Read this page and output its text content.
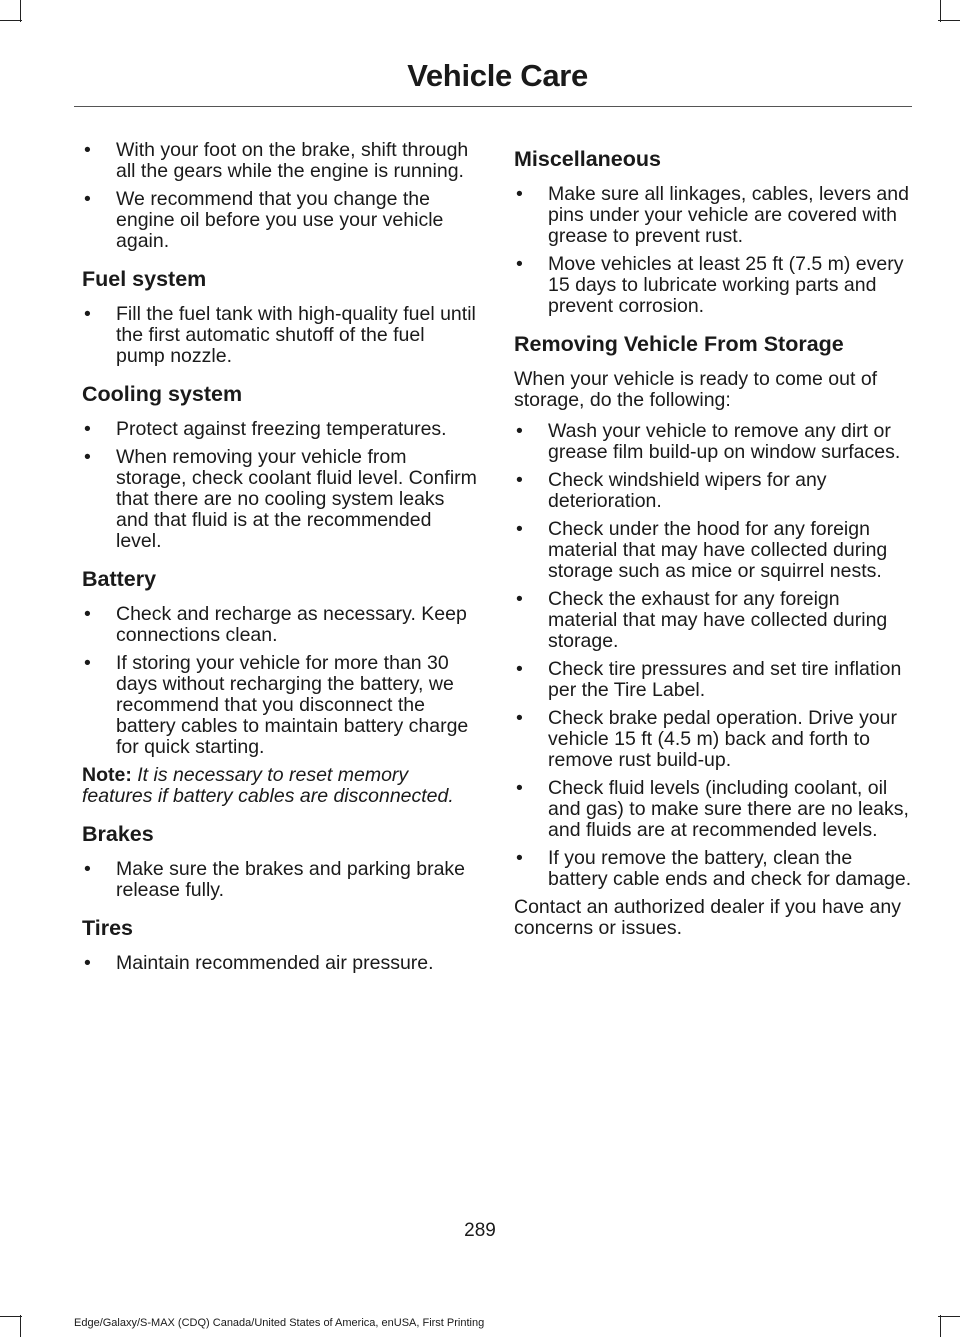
Vehicle Care
• With your foot on the brake, shift through all the gears while the engine is running.
• We recommend that you change the engine oil before you use your vehicle again.
Fuel system
• Fill the fuel tank with high-quality fuel until the first automatic shutoff of the fuel pump nozzle.
Cooling system
• Protect against freezing temperatures.
• When removing your vehicle from storage, check coolant fluid level. Confirm that there are no cooling system leaks and that fluid is at the recommended level.
Battery
• Check and recharge as necessary. Keep connections clean.
• If storing your vehicle for more than 30 days without recharging the battery, we recommend that you disconnect the battery cables to maintain battery charge for quick starting.

Note: It is necessary to reset memory features if battery cables are disconnected.

Brakes
• Make sure the brakes and parking brake release fully.
Tires
• Maintain recommended air pressure.
Miscellaneous
• Make sure all linkages, cables, levers and pins under your vehicle are covered with grease to prevent rust.
• Move vehicles at least 25 ft (7.5 m) every 15 days to lubricate working parts and prevent corrosion.
Removing Vehicle From Storage

When your vehicle is ready to come out of storage, do the following:

• Wash your vehicle to remove any dirt or grease film build-up on window surfaces.
• Check windshield wipers for any deterioration.
• Check under the hood for any foreign material that may have collected during storage such as mice or squirrel nests.
• Check the exhaust for any foreign material that may have collected during storage.
• Check tire pressures and set tire inflation per the Tire Label.
• Check brake pedal operation. Drive your vehicle 15 ft (4.5 m) back and forth to remove rust build-up.
• Check fluid levels (including coolant, oil and gas) to make sure there are no leaks, and fluids are at recommended levels.
• If you remove the battery, clean the battery cable ends and check for damage.

Contact an authorized dealer if you have any concerns or issues.

289
Edge/Galaxy/S-MAX (CDQ) Canada/United States of America, enUSA, First Printing
